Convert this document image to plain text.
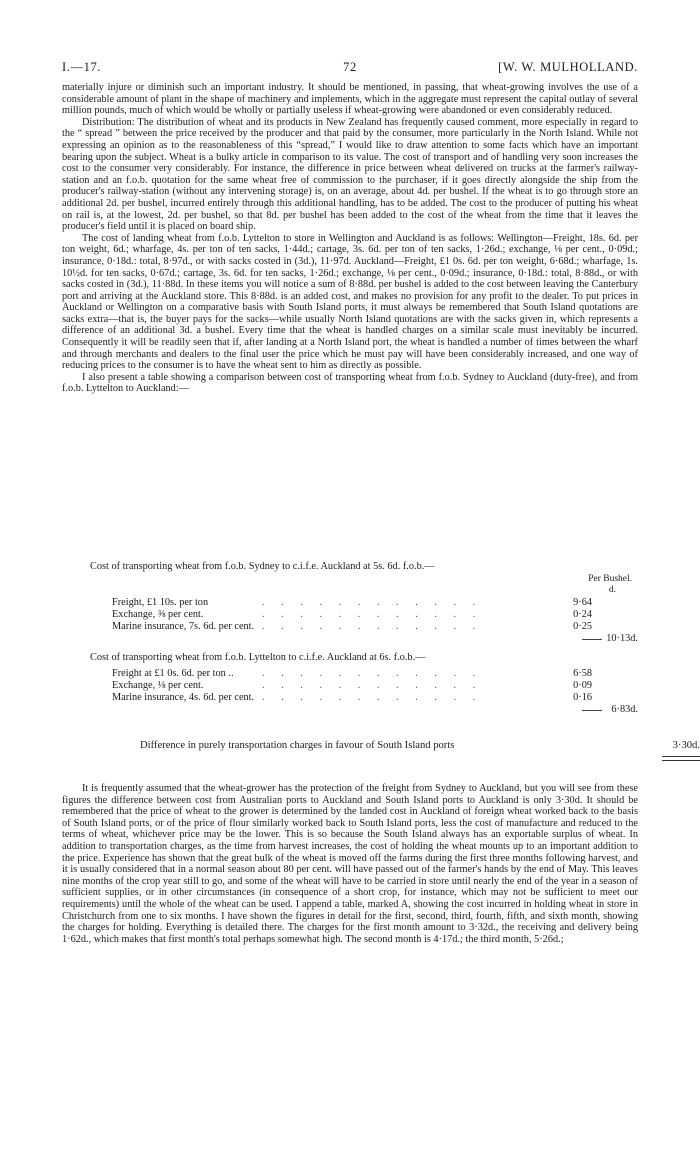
I.—17.	72	[W. W. MULHOLLAND.

materially injure or diminish such an important industry. It should be mentioned, in passing, that wheat-growing involves the use of a considerable amount of plant in the shape of machinery and implements, which in the aggregate must represent the capital outlay of several million pounds, much of which would be wholly or partially useless if wheat-growing were abandoned or even considerably reduced.

Distribution: The distribution of wheat and its products in New Zealand has frequently caused comment, more especially in regard to the “ spread ” between the price received by the producer and that paid by the consumer, more particularly in the North Island. While not expressing an opinion as to the reasonableness of this “spread,” I would like to draw attention to some facts which have an important bearing upon the subject. Wheat is a bulky article in comparison to its value. The cost of transport and of handling very soon increases the cost to the consumer very considerably. For instance, the difference in price between wheat delivered on trucks at the farmer's railway-station and an f.o.b. quotation for the same wheat free of commission to the purchaser, if it goes directly alongside the ship from the producer's railway-station (without any intervening storage) is, on an average, about 4d. per bushel. If the wheat is to go through store an additional 2d. per bushel, incurred entirely through this additional handling, has to be added. The cost to the producer of putting his wheat on rail is, at the lowest, 2d. per bushel, so that 8d. per bushel has been added to the cost of the wheat from the time that it leaves the producer's field until it is placed on board ship.

The cost of landing wheat from f.o.b. Lyttelton to store in Wellington and Auckland is as follows: Wellington—Freight, 18s. 6d. per ton weight, 6d.; wharfage, 4s. per ton of ten sacks, 1·44d.; cartage, 3s. 6d. per ton of ten sacks, 1·26d.; exchange, ⅛ per cent., 0·09d.; insurance, 0·18d.: total, 8·97d., or with sacks costed in (3d.), 11·97d. Auckland—Freight, £1 0s. 6d. per ton weight, 6·68d.; wharfage, 1s. 10½d. for ten sacks, 0·67d.; cartage, 3s. 6d. for ten sacks, 1·26d.; exchange, ⅛ per cent., 0·09d.; insurance, 0·18d.: total, 8·88d., or with sacks costed in (3d.), 11·88d. In these items you will notice a sum of 8·88d. per bushel is added to the cost between leaving the Canterbury port and arriving at the Auckland store. This 8·88d. is an added cost, and makes no provision for any profit to the dealer. To put prices in Auckland or Wellington on a comparative basis with South Island ports, it must always be remembered that South Island quotations are sacks extra—that is, the buyer pays for the sacks—while usually North Island quotations are with the sacks given in, which represents a difference of an additional 3d. a bushel. Every time that the wheat is handled charges on a similar scale must inevitably be incurred. Consequently it will be readily seen that if, after landing at a North Island port, the wheat is handled a number of times between the wharf and through merchants and dealers to the final user the price which he must pay will have been considerably increased, and one way of reducing prices to the consumer is to have the wheat sent to him as directly as possible.

I also present a table showing a comparison between cost of transporting wheat from f.o.b. Sydney to Auckland (duty-free), and from f.o.b. Lyttelton to Auckland:—

Cost of transporting wheat from f.o.b. Sydney to c.i.f.e. Auckland at 5s. 6d. f.o.b.—
Per Bushel.
d.
Freight, £1 10s. per ton	. . . . . . . . . . . .	9·64
Exchange, ⅜ per cent.	. . . . . . . . . . . .	0·24
Marine insurance, 7s. 6d. per cent. . . . . . . . . . . . .	0·25
10·13d.
Cost of transporting wheat from f.o.b. Lyttelton to c.i.f.e. Auckland at 6s. f.o.b.—
Freight at £1 0s. 6d. per ton ..	. . . . . . . . . . . .	6·58
Exchange, ⅛ per cent.	. . . . . . . . . . . .	0·09
Marine insurance, 4s. 6d. per cent. . . . . . . . . . . . .	0·16
6·83d.
Difference in purely transportation charges in favour of South Island ports	3·30d.

It is frequently assumed that the wheat-grower has the protection of the freight from Sydney to Auckland, but you will see from these figures the difference between cost from Australian ports to Auckland and South Island ports to Auckland is only 3·30d. It should be remembered that the price of wheat to the grower is determined by the landed cost in Auckland of foreign wheat worked back to the basis of South Island ports, or of the price of flour similarly worked back to South Island ports, less the cost of manufacture and reduced to the terms of wheat, whichever price may be the lower. This is so because the South Island always has an exportable surplus of wheat. In addition to transportation charges, as the time from harvest increases, the cost of holding the wheat mounts up to an important addition to the price. Experience has shown that the great bulk of the wheat is moved off the farms during the first three months following harvest, and it is usually considered that in a normal season about 80 per cent. will have passed out of the farmer's hands by the end of May. This leaves nine months of the crop year still to go, and some of the wheat will have to be carried in store until nearly the end of the year in a season of sufficient supplies, or in other circumstances (in consequence of a short crop, for instance, which may not be sufficient to meet our requirements) until the whole of the wheat can be used. I append a table, marked A, showing the cost incurred in holding wheat in store in Christchurch from one to six months. I have shown the figures in detail for the first, second, third, fourth, fifth, and sixth month, showing the charges for holding. Everything is detailed there. The charges for the first month amount to 3·32d., the receiving and delivery being 1·62d., which makes that first month's total perhaps somewhat high. The second month is 4·17d.; the third month, 5·26d.;
